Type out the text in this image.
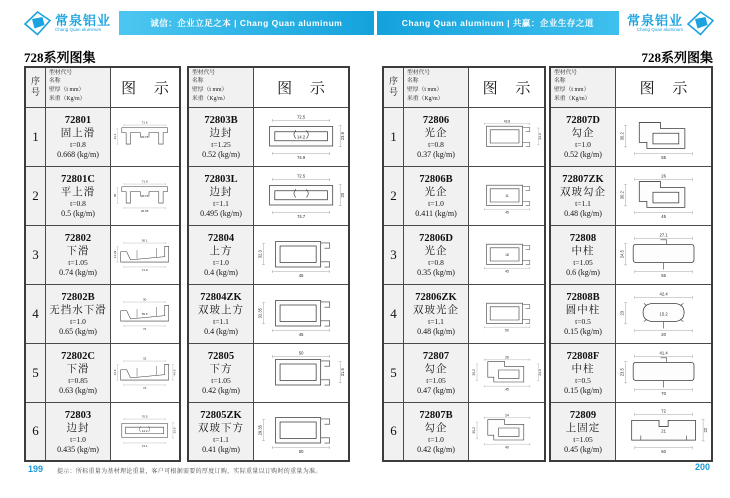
常泉铝业
Chang Quan aluminum
诚信：企业立足之本 | Chang Quan aluminum	Chang Quan aluminum | 共赢：企业生存之道	常泉铝业
Chang Quan aluminum
728系列图集	728系列图集
序号	型材代号
名称
壁厚（t mm）
米重（Kg/m）	图 示
1	
72801
固上滑
t=0.8
0.668 (kg/m)

71.6
26.76
43.4

2	
72801C
平上滑
t=0.8
0.5 (kg/m)

71.9
26.76
48
26.05

3	
72802
下滑
t=1.05
0.74 (kg/m)

30.1
71.9
44.29

4	
72802B
无挡水下滑
t=1.0
0.65 (kg/m)

30
59.5
72

5	
72802C
下滑
t=0.85
0.63 (kg/m)

32
43.5	44.6
72

6	
72803
边封
t=1.0
0.435 (kg/m)

70.5
14.2
74.1
23.9
型材代号
名称
壁厚（t mm）
米重（Kg/m）	图 示

72803B
边封
t=1.25
0.52 (kg/m)

72.5
14.2
74.9
23.9

72803L
边封
t=1.1
0.495 (kg/m)

72.5
74.7
20

72804
上方
t=1.0
0.4 (kg/m)	45
32.3

72804ZK
双玻上方
t=1.1
0.4 (kg/m)	45
32.35

72805
下方
t=1.05
0.42 (kg/m)

50
31.5

72805ZK
双玻下方
t=1.1
0.41 (kg/m)	50
29.35
序号	型材代号
名称
壁厚（t mm）
米重（Kg/m）	图 示
1	
72806
光企
t=0.8
0.37 (kg/m)

43.8
24.5

2	
72806B
光企
t=1.0
0.411 (kg/m)	45
11

3	
72806D
光企
t=0.8
0.35 (kg/m)	45
18

4	72806ZK
双玻光企
t=1.1
0.48 (kg/m)	50

5	
72807
勾企
t=1.05
0.47 (kg/m)

26
45
30.2	24.8

6	
72807B
勾企
t=1.0
0.42 (kg/m)

24
40
30.2
型材代号
名称
壁厚（t mm）
米重（Kg/m）	图 示

72807D
勾企
t=1.0
0.52 (kg/m)	55
30.2

72807ZK
双玻勾企
t=1.1
0.48 (kg/m)

26
45
30.2

72808
中柱
t=1.05
0.6 (kg/m)

27.1
56
24.5

72808B
圆中柱
t=0.5
0.15 (kg/m)

42.4
15.2
20
23

72808F
中柱
t=0.5
0.15 (kg/m)

41.4
70
23.5

72809
上固定
t=1.05
0.45 (kg/m)

72
21
60
22
199 提示：所标重量为基材理论重量，客户可根据需要的厚度订购，实际重量以订购时的重量为准。	200
